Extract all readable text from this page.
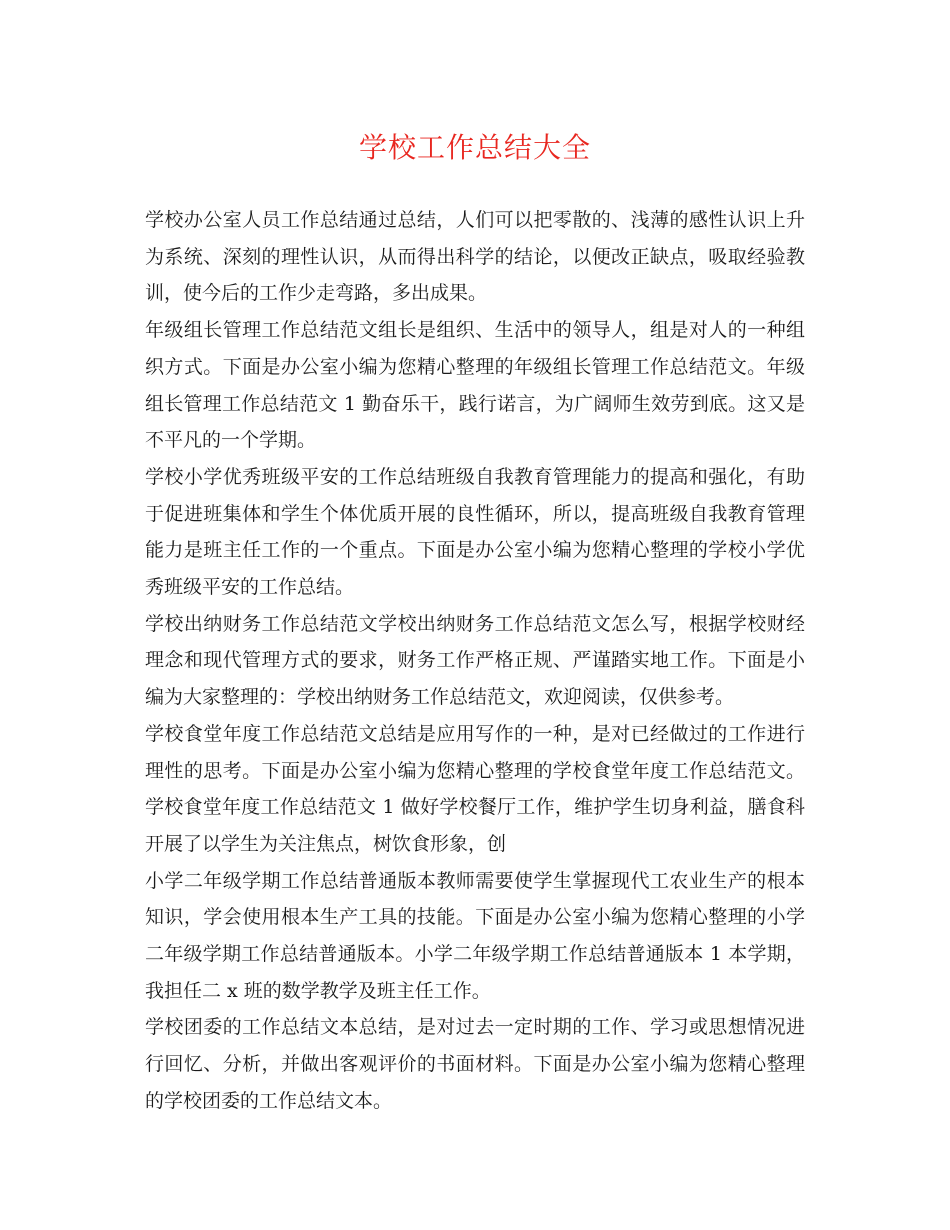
学校工作总结大全

学校办公室人员工作总结通过总结，人们可以把零散的、浅薄的感性认识上升为系统、深刻的理性认识，从而得出科学的结论，以便改正缺点，吸取经验教训，使今后的工作少走弯路，多出成果。

年级组长管理工作总结范文组长是组织、生活中的领导人，组是对人的一种组织方式。下面是办公室小编为您精心整理的年级组长管理工作总结范文。年级组长管理工作总结范文 1 勤奋乐干，践行诺言，为广阔师生效劳到底。这又是不平凡的一个学期。

学校小学优秀班级平安的工作总结班级自我教育管理能力的提高和强化，有助于促进班集体和学生个体优质开展的良性循环，所以，提高班级自我教育管理能力是班主任工作的一个重点。下面是办公室小编为您精心整理的学校小学优秀班级平安的工作总结。

学校出纳财务工作总结范文学校出纳财务工作总结范文怎么写，根据学校财经理念和现代管理方式的要求，财务工作严格正规、严谨踏实地工作。下面是小编为大家整理的：学校出纳财务工作总结范文，欢迎阅读，仅供参考。

学校食堂年度工作总结范文总结是应用写作的一种，是对已经做过的工作进行理性的思考。下面是办公室小编为您精心整理的学校食堂年度工作总结范文。学校食堂年度工作总结范文 1 做好学校餐厅工作，维护学生切身利益，膳食科开展了以学生为关注焦点，树饮食形象，创

小学二年级学期工作总结普通版本教师需要使学生掌握现代工农业生产的根本知识，学会使用根本生产工具的技能。下面是办公室小编为您精心整理的小学二年级学期工作总结普通版本。小学二年级学期工作总结普通版本 1 本学期，我担任二 x 班的数学教学及班主任工作。

学校团委的工作总结文本总结，是对过去一定时期的工作、学习或思想情况进行回忆、分析，并做出客观评价的书面材料。下面是办公室小编为您精心整理的学校团委的工作总结文本。
